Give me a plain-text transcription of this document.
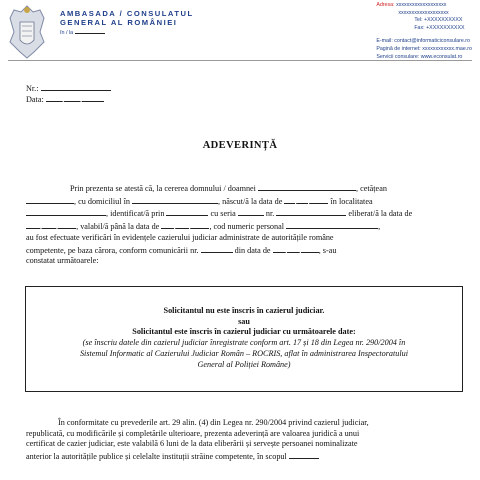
AMBASADA / CONSULATUL
GENERAL AL ROMÂNIEI
în / la
Adresa: xxxxxxxxxxxxxxxxxxx
xxxxxxxxxxxxxxxxxxx
Tel: +XXXXXXXXXX
Fax: +XXXXXXXXXX
E-mail: contact@informaticiconsulare.ro
Pagină de internet: xxxxxxxxxxxx.mae.ro
Servicii consulare: www.econsulat.ro
Nr.:
Data: . .
ADEVERINȚĂ
Prin prezenta se atestă că, la cererea domnului / doamnei	, cetățean
, cu domiciliul în	, născut/ă la data de . . în localitatea
, identificat/ă prin	cu seria	nr.	eliberat/ă la data de
. . , valabil/ă până la data de . . , cod numeric personal	,
au fost efectuate verificări în evidențele cazierului judiciar administrate de autoritățile române
competente, pe baza cărora, conform comunicării nr.	din data de . . , s-au
constatat următoarele:
Solicitantul nu este înscris în cazierul judiciar.
sau
Solicitantul este înscris în cazierul judiciar cu următoarele date:
(se înscriu datele din cazierul judiciar înregistrate conform art. 17 și 18 din Legea nr. 290/2004 în
Sistemul Informatic al Cazierului Judiciar Român – ROCRIS, aflat în administrarea Inspectoratului
General al Poliției Române)
În conformitate cu prevederile art. 29 alin. (4) din Legea nr. 290/2004 privind cazierul judiciar,
republicată, cu modificările și completările ulterioare, prezenta adeverință are valoarea juridică a unui
certificat de cazier judiciar, este valabilă 6 luni de la data eliberării și servește persoanei nominalizate
anterior la autoritățile publice și celelalte instituții străine competente, în scopul
